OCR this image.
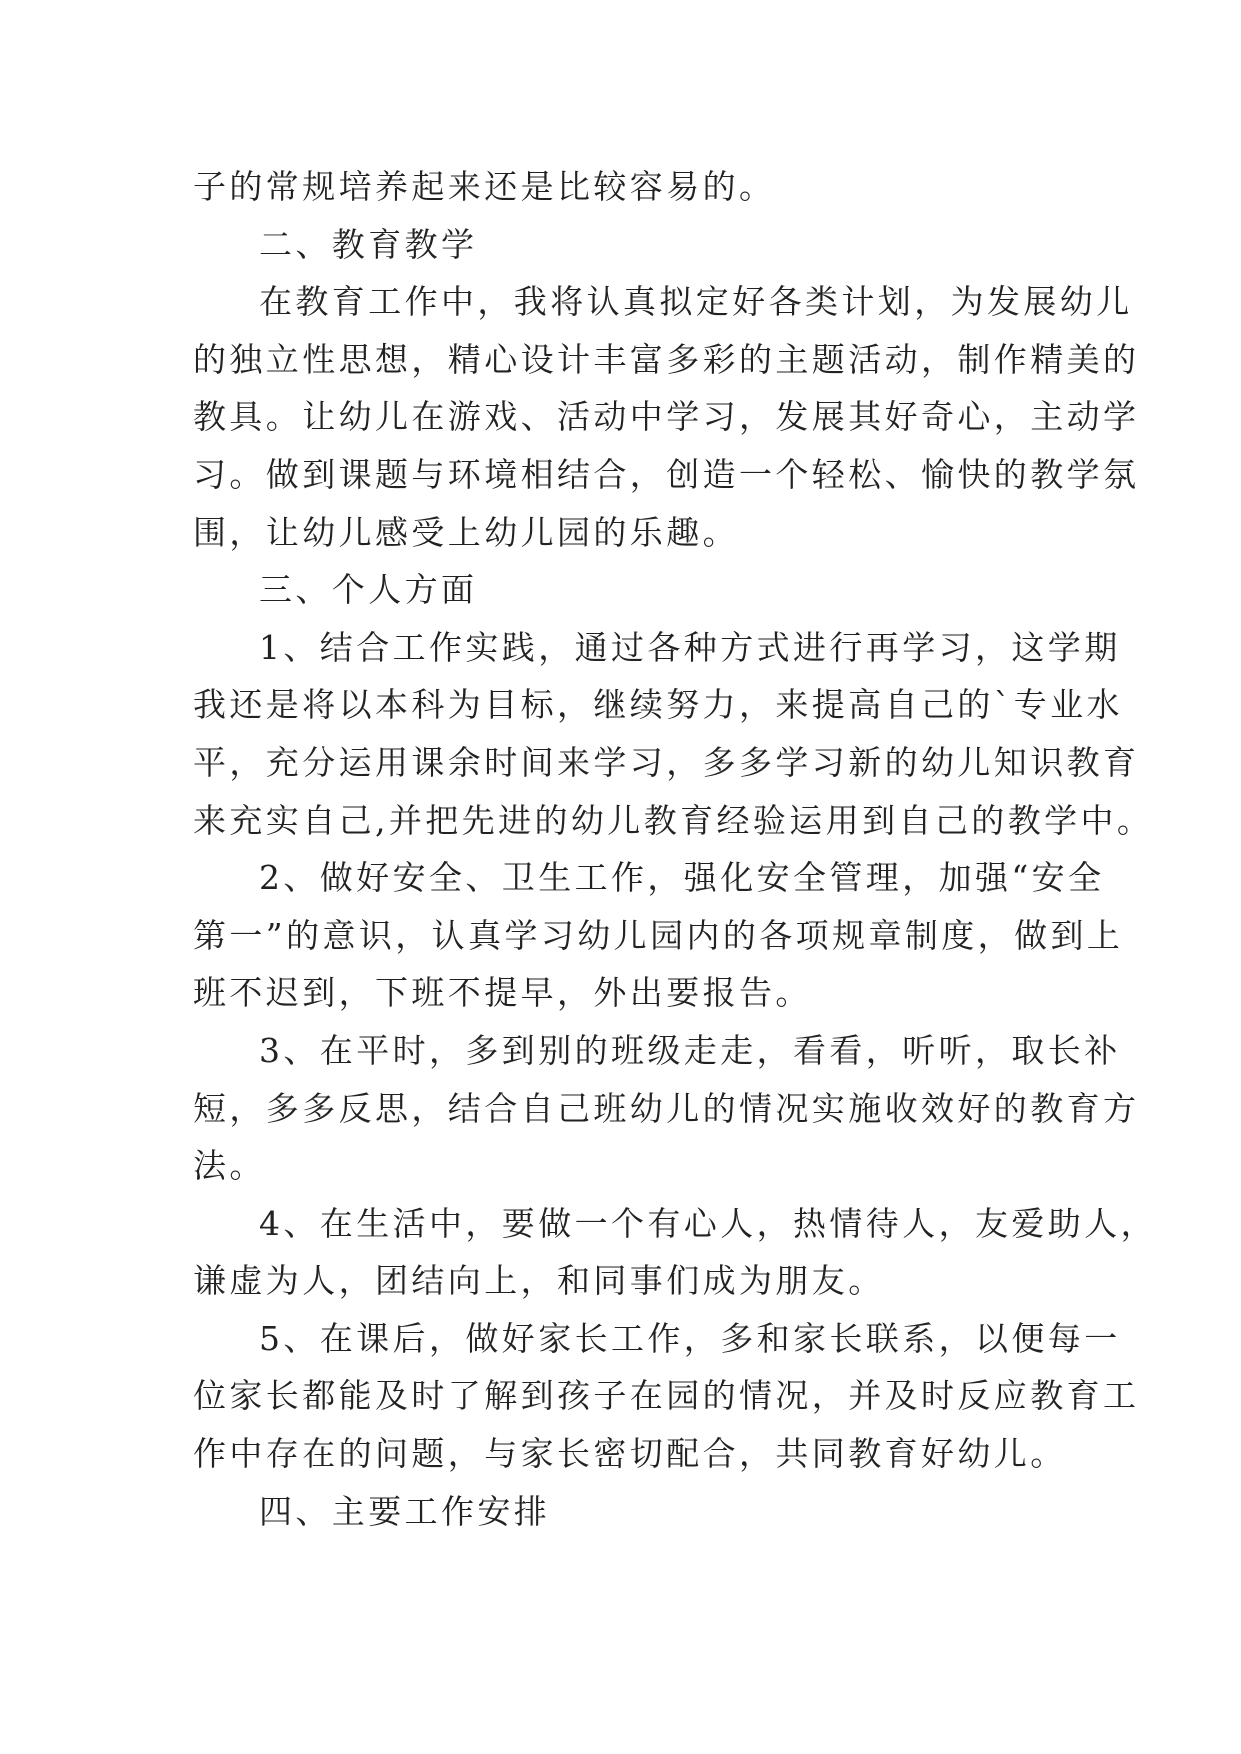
子的常规培养起来还是比较容易的。
二、教育教学
在教育工作中，我将认真拟定好各类计划，为发展幼儿
的独立性思想，精心设计丰富多彩的主题活动，制作精美的
教具。让幼儿在游戏、活动中学习，发展其好奇心，主动学
习。做到课题与环境相结合，创造一个轻松、愉快的教学氛
围，让幼儿感受上幼儿园的乐趣。
三、个人方面
1、结合工作实践，通过各种方式进行再学习，这学期
我还是将以本科为目标，继续努力，来提高自己的`专业水
平，充分运用课余时间来学习，多多学习新的幼儿知识教育
来充实自己,并把先进的幼儿教育经验运用到自己的教学中。
2、做好安全、卫生工作，强化安全管理，加强“安全
第一”的意识，认真学习幼儿园内的各项规章制度，做到上
班不迟到，下班不提早，外出要报告。
3、在平时，多到别的班级走走，看看，听听，取长补
短，多多反思，结合自己班幼儿的情况实施收效好的教育方
法。
4、在生活中，要做一个有心人，热情待人，友爱助人，
谦虚为人，团结向上，和同事们成为朋友。
5、在课后，做好家长工作，多和家长联系，以便每一
位家长都能及时了解到孩子在园的情况，并及时反应教育工
作中存在的问题，与家长密切配合，共同教育好幼儿。
四、主要工作安排
